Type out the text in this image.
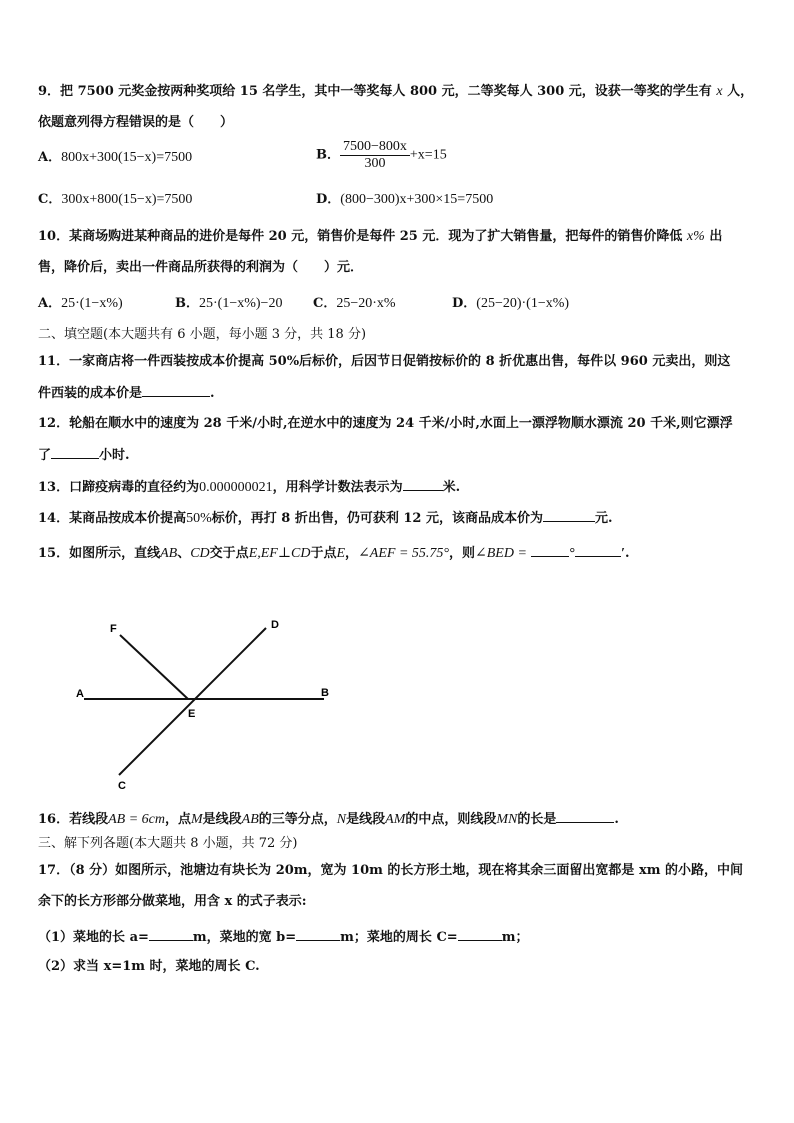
9．把 7500 元奖金按两种奖项给 15 名学生，其中一等奖每人 800 元，二等奖每人 300 元，设获一等奖的学生有 x 人，
依题意列得方程错误的是（　　）
A．800x+300(15−x)=7500	B． $\frac{7500-800x}{300} +x=15$
C．300x+800(15−x)=7500	D．(800−300)x+300×15=7500
10．某商场购进某种商品的进价是每件 20 元，销售价是每件 25 元．现为了扩大销售量，把每件的销售价降低 x% 出
售，降价后，卖出一件商品所获得的利润为（　　）元．
A．25·(1−x%)	B．25·(1−x%)−20 C．25−20·x%	D．(25−20)·(1−x%)
二、填空题(本大题共有 6 小题，每小题 3 分，共 18 分)
11．一家商店将一件西装按成本价提高 50%后标价，后因节日促销按标价的 8 折优惠出售，每件以 960 元卖出，则这
件西装的成本价是	.
12．轮船在顺水中的速度为 28 千米/小时,在逆水中的速度为 24 千米/小时,水面上一漂浮物顺水漂流 20 千米,则它漂浮
了	小时.
13．口蹄疫病毒的直径约为0.000000021，用科学计数法表示为	米.
14．某商品按成本价提高50%标价，再打 8 折出售，仍可获利 12 元，该商品成本价为	元.
15．如图所示，直线AB、CD交于点E,EF⊥CD于点E，∠AEF = 55.75°，则∠BED =	°	′.
F	D
A	B
E
C
16．若线段AB = 6cm，点M是线段AB的三等分点，N是线段AM的中点，则线段MN的长是	.
三、解下列各题(本大题共 8 小题，共 72 分)
17．（8 分）如图所示，池塘边有块长为 20m，宽为 10m 的长方形土地，现在将其余三面留出宽都是 xm 的小路，中间
余下的长方形部分做菜地，用含 x 的式子表示:
（1）菜地的长 a=	m，菜地的宽 b=	m；菜地的周长 C=	m；
（2）求当 x=1m 时，菜地的周长 C.
